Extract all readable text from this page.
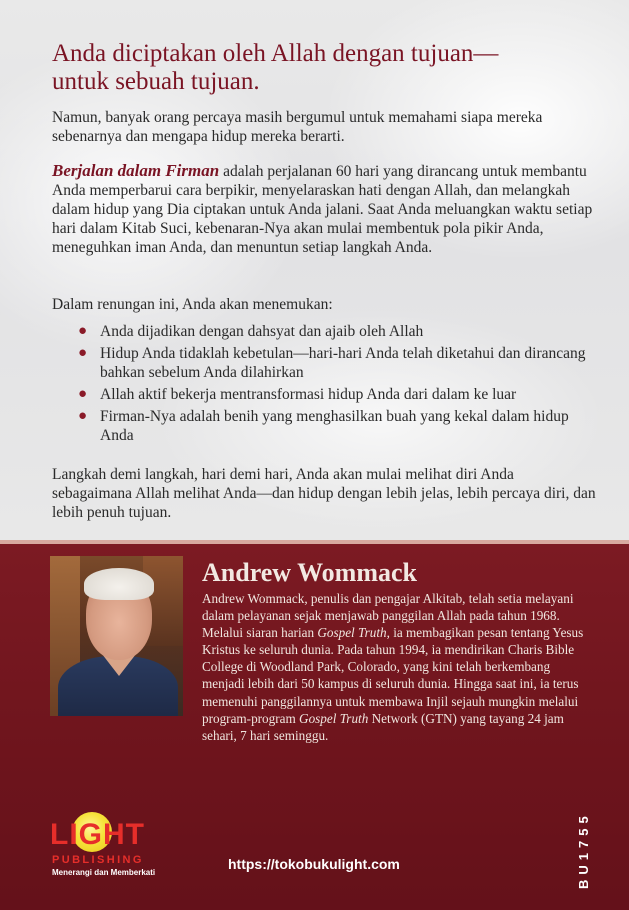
Anda diciptakan oleh Allah dengan tujuan—
untuk sebuah tujuan.

Namun, banyak orang percaya masih bergumul untuk memahami siapa mereka sebenarnya dan mengapa hidup mereka berarti.

Berjalan dalam Firman adalah perjalanan 60 hari yang dirancang untuk membantu Anda memperbarui cara berpikir, menyelaraskan hati dengan Allah, dan melangkah dalam hidup yang Dia ciptakan untuk Anda jalani. Saat Anda meluangkan waktu setiap hari dalam Kitab Suci, kebenaran-Nya akan mulai membentuk pola pikir Anda, meneguhkan iman Anda, dan menuntun setiap langkah Anda.

Dalam renungan ini, Anda akan menemukan:

● Anda dijadikan dengan dahsyat dan ajaib oleh Allah
● Hidup Anda tidaklah kebetulan—hari-hari Anda telah diketahui dan dirancang bahkan sebelum Anda dilahirkan
● Allah aktif bekerja mentransformasi hidup Anda dari dalam ke luar
● Firman-Nya adalah benih yang menghasilkan buah yang kekal dalam hidup Anda

Langkah demi langkah, hari demi hari, Anda akan mulai melihat diri Anda sebagaimana Allah melihat Anda—dan hidup dengan lebih jelas, lebih percaya diri, dan lebih penuh tujuan.

Andrew Wommack

Andrew Wommack, penulis dan pengajar Alkitab, telah setia melayani dalam pelayanan sejak menjawab panggilan Allah pada tahun 1968. Melalui siaran harian Gospel Truth, ia membagikan pesan tentang Yesus Kristus ke seluruh dunia. Pada tahun 1994, ia mendirikan Charis Bible College di Woodland Park, Colorado, yang kini telah berkembang menjadi lebih dari 50 kampus di seluruh dunia. Hingga saat ini, ia terus memenuhi panggilannya untuk membawa Injil sejauh mungkin melalui program-program Gospel Truth Network (GTN) yang tayang 24 jam sehari, 7 hari seminggu.

LIGHT
PUBLISHING
Menerangi dan Memberkati
https://tokobukulight.com	BU1755
